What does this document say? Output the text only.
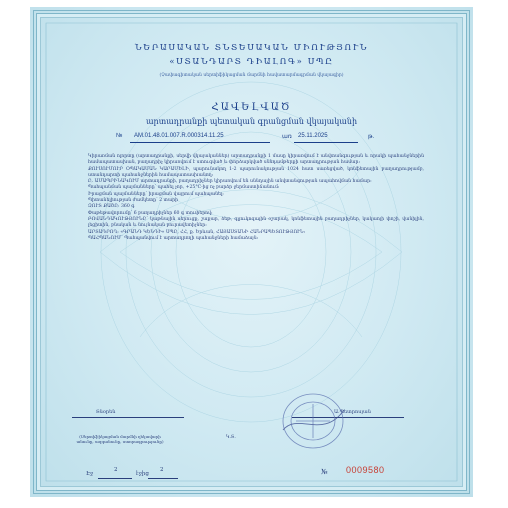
ՆԵՐԱՍԱԿԱՆ ՏՆՏԵՍԱԿԱՆ ՄԻՈՒԹՅՈՒՆ
«ՍՏԱՆԴԱՐՏ ԴԻԱԼՈԳ» ՍՊԸ
(Չափագիտական սերտիֆիկացման մարմնի հավատարմագրման վկայագիր)
ՀԱՎԵԼՎԱԾ
արտադրանքի պետական գրանցման վկայականի
№ AM.01.48.01.007.R.000314.11.25	առ 25.11.2025	թ.

Կիրառման ոլորտը (արտադրանքի, սերվի վկայականներ) արտադրանքի 1 մասը կիրառվում է անվտանգության և որակի պահանջներին համապատասխան, բաղադրիչ կիրառվում է ստուգված և փորձարկված սննդամթերքի արտադրության համար։

ՔՈՒՍՈՒՄՈՒՐ ՕՊԱԿԱՄԱՆ ԿԱՐԱՄԵԼԻ, պարունակող 1-2 պարունակության 1024 հատ սառեցված, կոնֆետային բաղադրությամբ, ստանդարտի պահանջներին համապատասխանող։

Ը. ԱՄԱՊՐԻՆԱԿՈՒՄ արտադրանքի, բաղադրիչներ կիրառվում են սննդային անվտանգության ապահովման համար։

Պահպանման պայմանները՝ պահել չոր, +25°C-ից ոչ բարձր ջերմաստիճանում։

Իրացման պայմանները՝ իրացման վայրում պահպանել։

Պիտանելիության ժամկետը՝ 2 տարի

ԶՈՒՏ ՔԱՇԸ: 360 գ

Փաթեթավորումը՝ 6 բաղադրիչներ 60 գ տուփերով։

ԲՈՎԱՆԴԱԿՈՒԹՅՈՒՆԸ՝ կաթնային սերուցք, շաքար, ձեթ, գլյուկոզային օշարակ, կոնֆետային բաղադրիչներ, կակաոյի փոշի, վանիլին, լեցիտին, բնական և նույնական բուրավետիչներ։

ԱՐՏԱԴՐՈՂ: «ԳՐԱՆԴ ԿԵՆԴԻ» ՍՊԸ, ՀՀ, ք. Երևան, ՀԱՅԱՍՏԱՆԻ ՀԱՆՐԱՊԵՏՈՒԹՅՈՒՆ։

ՊԱՀՊԱՆՈՒՄ՝ Պահպանվում է արտադրողի պահանջների համաձայն։

Տնօրեն	Ա.Պետրոսյան
(Սերտիֆիկացման մարմնի ղեկավարի անունը, ազգանունը, ստորագրությունը)
Կ.Տ.
Էջ
2
էջից
2	№ 0009580
